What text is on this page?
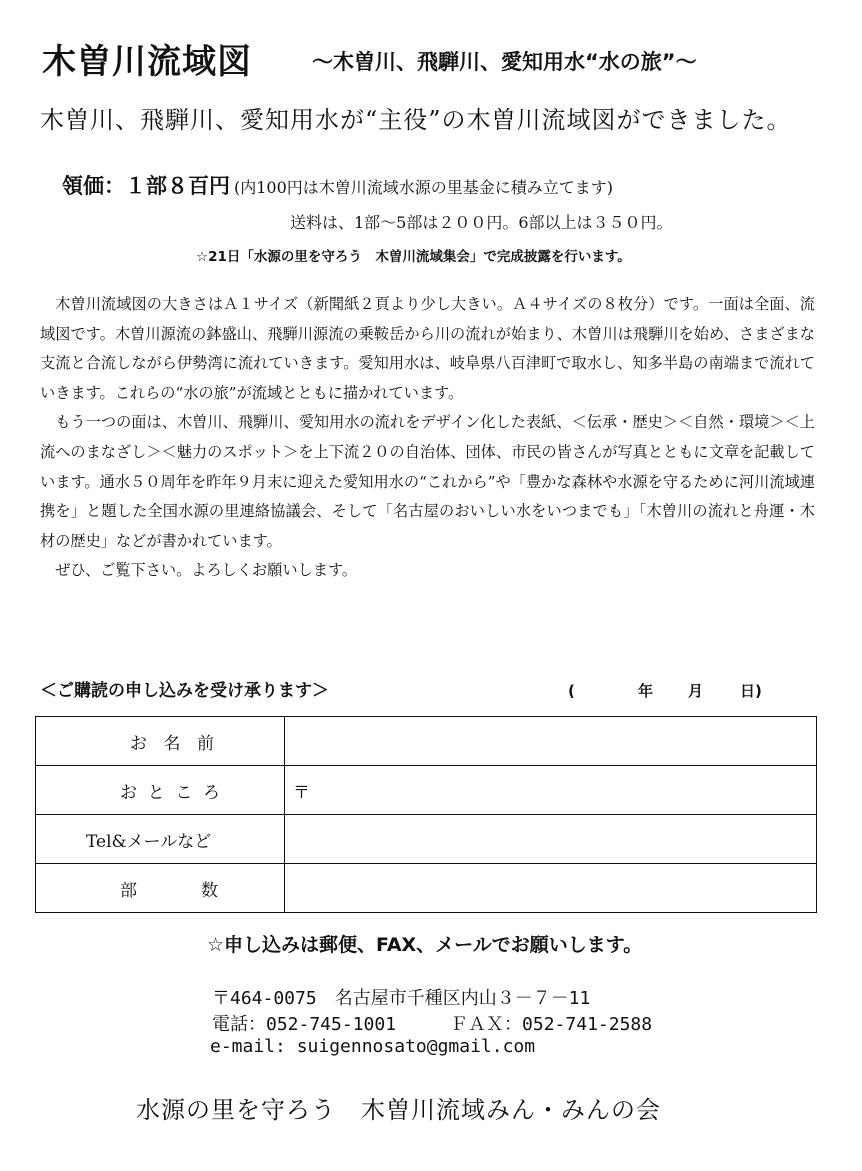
木曽川流域図	～木曽川、飛騨川、愛知用水“水の旅”～
木曽川、飛騨川、愛知用水が“主役”の木曽川流域図ができました。
領価：１部８百円 (内100円は木曽川流域水源の里基金に積み立てます)
送料は、1部～5部は２００円。6部以上は３５０円。
☆21日「水源の里を守ろう　木曽川流域集会」で完成披露を行います。

木曽川流域図の大きさはＡ１サイズ（新聞紙２頁より少し大きい。Ａ４サイズの８枚分）です。一面は全面、流域図です。木曽川源流の鉢盛山、飛騨川源流の乗鞍岳から川の流れが始まり、木曽川は飛騨川を始め、さまざまな支流と合流しながら伊勢湾に流れていきます。愛知用水は、岐阜県八百津町で取水し、知多半島の南端まで流れていきます。これらの“水の旅”が流域とともに描かれています。

もう一つの面は、木曽川、飛騨川、愛知用水の流れをデザイン化した表紙、＜伝承・歴史＞＜自然・環境＞＜上流へのまなざし＞＜魅力のスポット＞を上下流２０の自治体、団体、市民の皆さんが写真とともに文章を記載しています。通水５０周年を昨年９月末に迎えた愛知用水の“これから”や「豊かな森林や水源を守るために河川流域連携を」と題した全国水源の里連絡協議会、そして「名古屋のおいしい水をいつまでも」「木曽川の流れと舟運・木材の歴史」などが書かれています。

ぜひ、ご覧下さい。よろしくお願いします。

＜ご購読の申し込みを受け承ります＞	(	年 月 日)
お 名 前	

お と こ ろ	〒

Tel&メールなど	

部 数	

☆申し込みは郵便、FAX、メールでお願いします。
〒464-0075　名古屋市千種区内山３－７－11
電話：052-745-1001　　　ＦＡＸ：052-741-2588
e-mail: suigennosato@gmail.com
水源の里を守ろう　木曽川流域みん・みんの会
